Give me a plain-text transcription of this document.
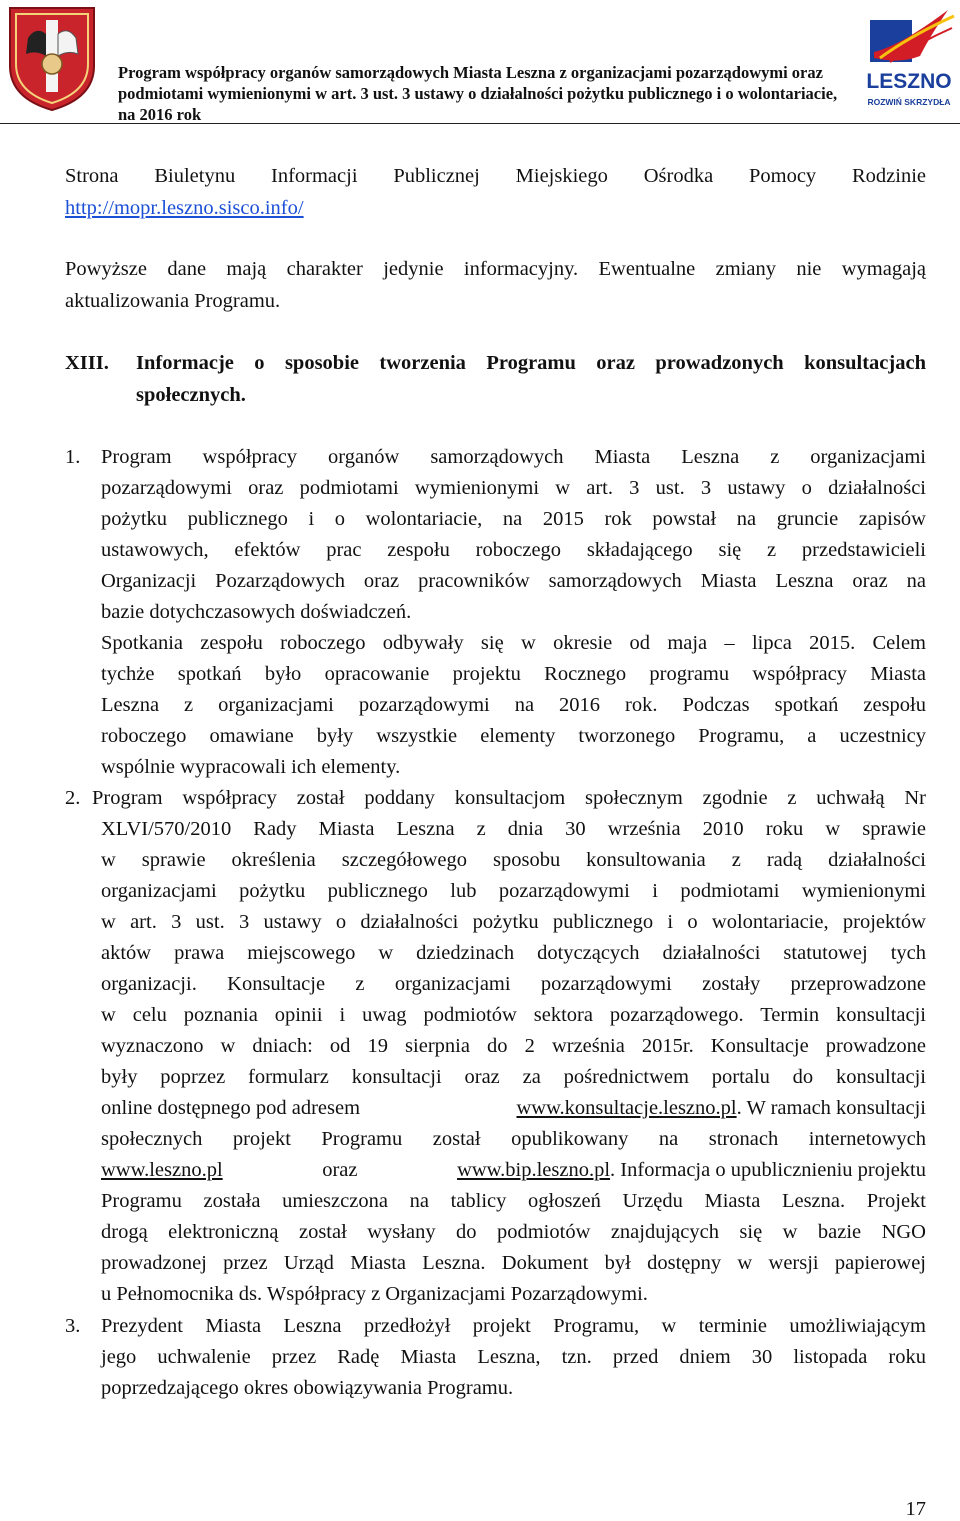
Program współpracy organów samorządowych Miasta Leszna z organizacjami pozarządowymi oraz
podmiotami wymienionymi w art. 3 ust. 3 ustawy o działalności pożytku publicznego i o wolontariacie,
na 2016 rok
LESZNO
ROZWIŃ SKRZYDŁA
Strona Biuletynu Informacji Publicznej Miejskiego Ośrodka Pomocy Rodzinie
http://mopr.leszno.sisco.info/
Powyższe dane mają charakter jedynie informacyjny. Ewentualne zmiany nie wymagają
aktualizowania Programu.
XIII. Informacje o sposobie tworzenia Programu oraz prowadzonych konsultacjach
społecznych.
1. Program współpracy organów samorządowych Miasta Leszna z organizacjami
pozarządowymi oraz podmiotami wymienionymi w art. 3 ust. 3 ustawy o działalności
pożytku publicznego i o wolontariacie, na 2015 rok powstał na gruncie zapisów
ustawowych, efektów prac zespołu roboczego składającego się z przedstawicieli
Organizacji Pozarządowych oraz pracowników samorządowych Miasta Leszna oraz na
bazie dotychczasowych doświadczeń.
Spotkania zespołu roboczego odbywały się w okresie od maja – lipca 2015. Celem
tychże spotkań było opracowanie projektu Rocznego programu współpracy Miasta
Leszna z organizacjami pozarządowymi na 2016 rok. Podczas spotkań zespołu
roboczego omawiane były wszystkie elementy tworzonego Programu, a uczestnicy
wspólnie wypracowali ich elementy.
2. Program współpracy został poddany konsultacjom społecznym zgodnie z uchwałą Nr
XLVI/570/2010 Rady Miasta Leszna z dnia 30 września 2010 roku w sprawie
w sprawie określenia szczegółowego sposobu konsultowania z radą działalności
organizacjami pożytku publicznego lub pozarządowymi i podmiotami wymienionymi
w art. 3 ust. 3 ustawy o działalności pożytku publicznego i o wolontariacie, projektów
aktów prawa miejscowego w dziedzinach dotyczących działalności statutowej tych
organizacji. Konsultacje z organizacjami pozarządowymi zostały przeprowadzone
w celu poznania opinii i uwag podmiotów sektora pozarządowego. Termin konsultacji
wyznaczono w dniach: od 19 sierpnia do 2 września 2015r. Konsultacje prowadzone
były poprzez formularz konsultacji oraz za pośrednictwem portalu do konsultacji
online dostępnego pod adresem	www.konsultacje.leszno.pl. W ramach konsultacji
społecznych projekt Programu został opublikowany na stronach internetowych
www.leszno.pl	oraz	www.bip.leszno.pl. Informacja o upublicznieniu projektu
Programu została umieszczona na tablicy ogłoszeń Urzędu Miasta Leszna. Projekt
drogą elektroniczną został wysłany do podmiotów znajdujących się w bazie NGO
prowadzonej przez Urząd Miasta Leszna. Dokument był dostępny w wersji papierowej
u Pełnomocnika ds. Współpracy z Organizacjami Pozarządowymi.
3. Prezydent Miasta Leszna przedłożył projekt Programu, w terminie umożliwiającym
jego uchwalenie przez Radę Miasta Leszna, tzn. przed dniem 30 listopada roku
poprzedzającego okres obowiązywania Programu.
17
